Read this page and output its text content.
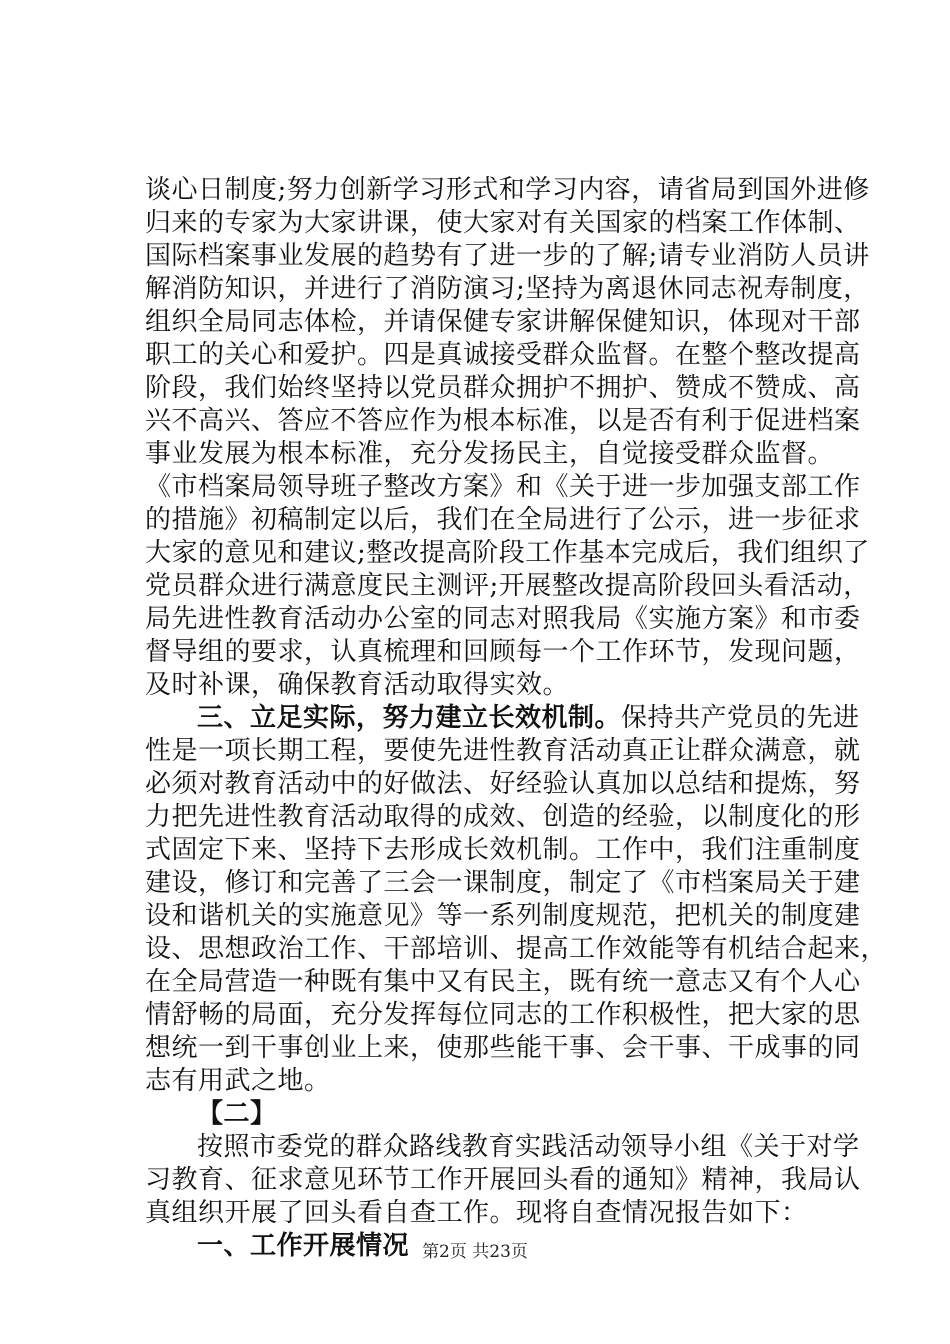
谈心日制度;努力创新学习形式和学习内容，请省局到国外进修
归来的专家为大家讲课，使大家对有关国家的档案工作体制、
国际档案事业发展的趋势有了进一步的了解;请专业消防人员讲
解消防知识，并进行了消防演习;坚持为离退休同志祝寿制度，
组织全局同志体检，并请保健专家讲解保健知识，体现对干部
职工的关心和爱护。四是真诚接受群众监督。在整个整改提高
阶段，我们始终坚持以党员群众拥护不拥护、赞成不赞成、高
兴不高兴、答应不答应作为根本标准，以是否有利于促进档案
事业发展为根本标准，充分发扬民主，自觉接受群众监督。
《市档案局领导班子整改方案》和《关于进一步加强支部工作
的措施》初稿制定以后，我们在全局进行了公示，进一步征求
大家的意见和建议;整改提高阶段工作基本完成后，我们组织了
党员群众进行满意度民主测评;开展整改提高阶段回头看活动，
局先进性教育活动办公室的同志对照我局《实施方案》和市委
督导组的要求，认真梳理和回顾每一个工作环节，发现问题，
及时补课，确保教育活动取得实效。
三、立足实际，努力建立长效机制。保持共产党员的先进
性是一项长期工程，要使先进性教育活动真正让群众满意，就
必须对教育活动中的好做法、好经验认真加以总结和提炼，努
力把先进性教育活动取得的成效、创造的经验，以制度化的形
式固定下来、坚持下去形成长效机制。工作中，我们注重制度
建设，修订和完善了三会一课制度，制定了《市档案局关于建
设和谐机关的实施意见》等一系列制度规范，把机关的制度建
设、思想政治工作、干部培训、提高工作效能等有机结合起来，
在全局营造一种既有集中又有民主，既有统一意志又有个人心
情舒畅的局面，充分发挥每位同志的工作积极性，把大家的思
想统一到干事创业上来，使那些能干事、会干事、干成事的同
志有用武之地。
【二】
按照市委党的群众路线教育实践活动领导小组《关于对学
习教育、征求意见环节工作开展回头看的通知》精神，我局认
真组织开展了回头看自查工作。现将自查情况报告如下：
一、工作开展情况 第2页 共23页
